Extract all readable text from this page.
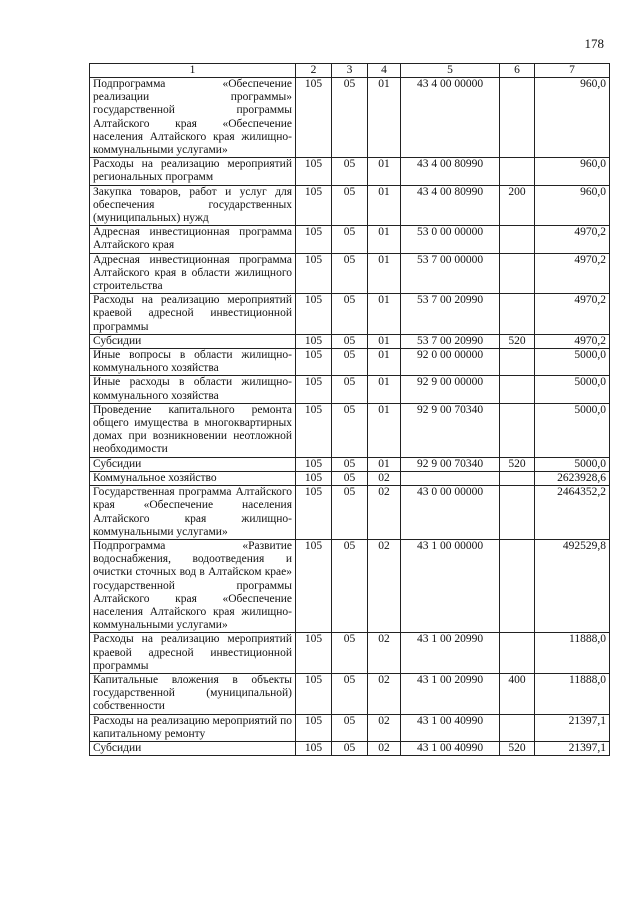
178
1	2	3	4	5	6	7
Подпрограмма «Обеспечение реализации программы» государственной программы Алтайского края «Обеспечение населения Алтайского края жилищно-коммунальными услугами»	105	05	01	43 4 00 00000		960,0
Расходы на реализацию мероприятий региональных программ	105	05	01	43 4 00 80990		960,0
Закупка товаров, работ и услуг для обеспечения государственных (муниципальных) нужд	105	05	01	43 4 00 80990	200	960,0
Адресная инвестиционная программа Алтайского края	105	05	01	53 0 00 00000		4970,2
Адресная инвестиционная программа Алтайского края в области жилищного строительства	105	05	01	53 7 00 00000		4970,2
Расходы на реализацию мероприятий краевой адресной инвестиционной программы	105	05	01	53 7 00 20990		4970,2
Субсидии	105	05	01	53 7 00 20990	520	4970,2
Иные вопросы в области жилищно-коммунального хозяйства	105	05	01	92 0 00 00000		5000,0
Иные расходы в области жилищно-коммунального хозяйства	105	05	01	92 9 00 00000		5000,0
Проведение капитального ремонта общего имущества в многоквартирных домах при возникновении неотложной необходимости	105	05	01	92 9 00 70340		5000,0
Субсидии	105	05	01	92 9 00 70340	520	5000,0
Коммунальное хозяйство	105	05	02			2623928,6
Государственная программа Алтайского края «Обеспечение населения Алтайского края жилищно-коммунальными услугами»	105	05	02	43 0 00 00000		2464352,2
Подпрограмма «Развитие водоснабжения, водоотведения и очистки сточных вод в Алтайском крае» государственной программы Алтайского края «Обеспечение населения Алтайского края жилищно-коммунальными услугами»	105	05	02	43 1 00 00000		492529,8
Расходы на реализацию мероприятий краевой адресной инвестиционной программы	105	05	02	43 1 00 20990		11888,0
Капитальные вложения в объекты государственной (муниципальной) собственности	105	05	02	43 1 00 20990	400	11888,0
Расходы на реализацию мероприятий по капитальному ремонту	105	05	02	43 1 00 40990		21397,1
Субсидии	105	05	02	43 1 00 40990	520	21397,1
